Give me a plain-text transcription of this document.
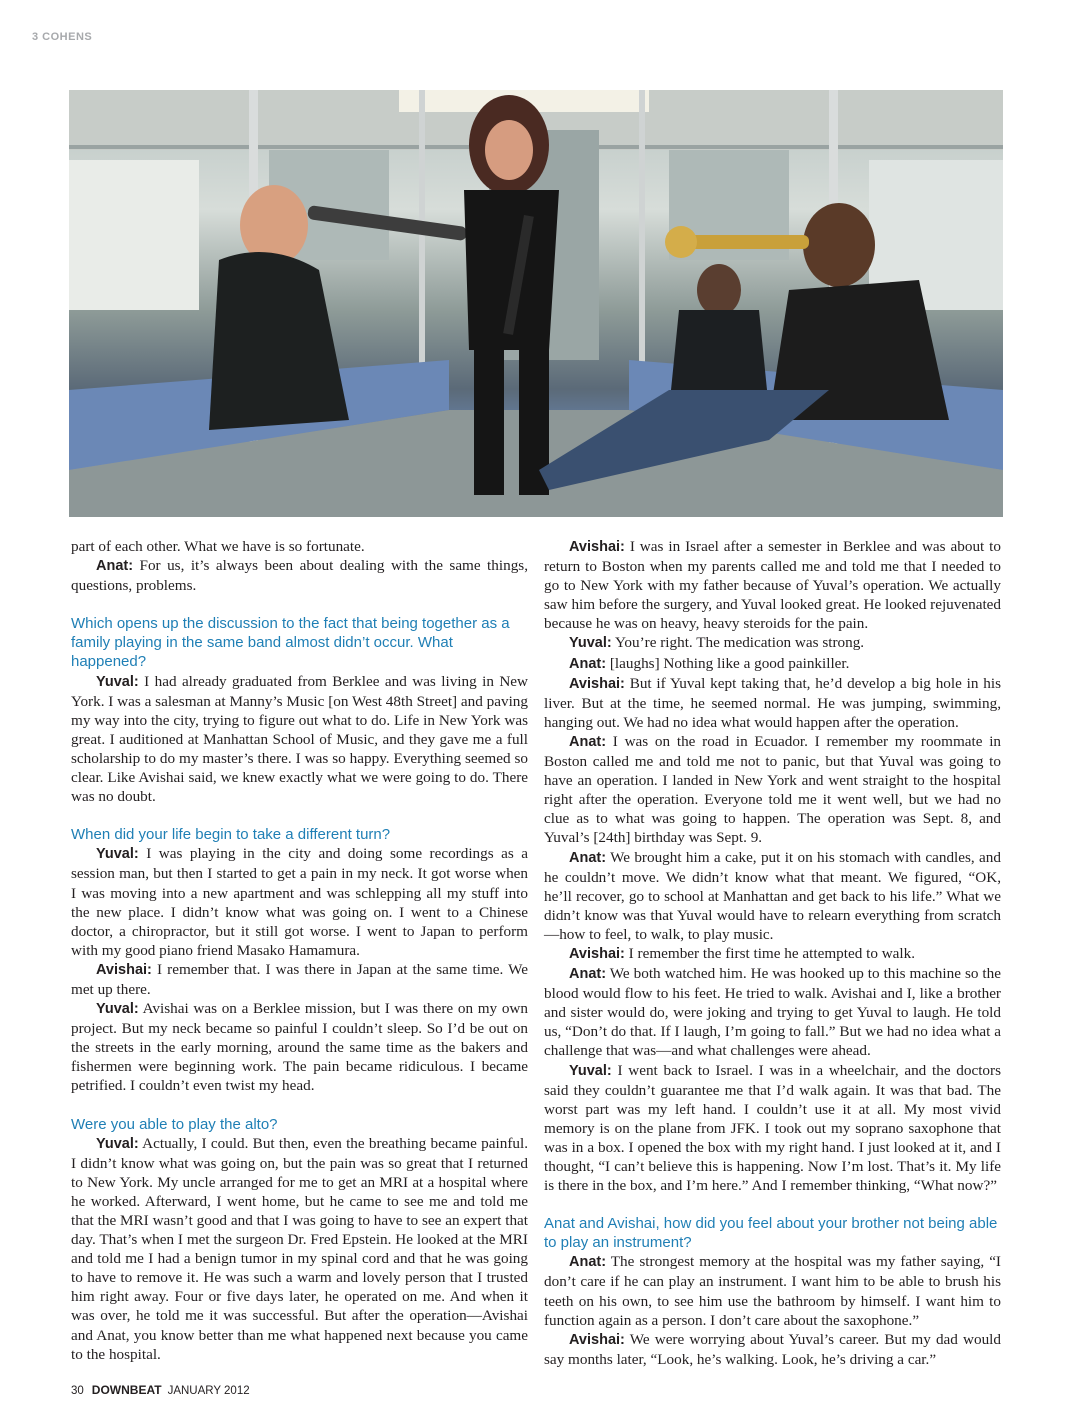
3 COHENS

part of each other. What we have is so fortunate.

Anat: For us, it’s always been about dealing with the same things, questions, problems.

Which opens up the discussion to the fact that being together as a family playing in the same band almost didn’t occur. What happened?

Yuval: I had already graduated from Berklee and was living in New York. I was a salesman at Manny’s Music [on West 48th Street] and paving my way into the city, trying to figure out what to do. Life in New York was great. I auditioned at Manhattan School of Music, and they gave me a full scholarship to do my master’s there. I was so happy. Everything seemed so clear. Like Avishai said, we knew exactly what we were going to do. There was no doubt.

When did your life begin to take a different turn?

Yuval: I was playing in the city and doing some recordings as a session man, but then I started to get a pain in my neck. It got worse when I was moving into a new apartment and was schlepping all my stuff into the new place. I didn’t know what was going on. I went to a Chinese doctor, a chiropractor, but it still got worse. I went to Japan to perform with my good piano friend Masako Hamamura.

Avishai: I remember that. I was there in Japan at the same time. We met up there.

Yuval: Avishai was on a Berklee mission, but I was there on my own project. But my neck became so painful I couldn’t sleep. So I’d be out on the streets in the early morning, around the same time as the bakers and fishermen were beginning work. The pain became ridiculous. I became petrified. I couldn’t even twist my head.

Were you able to play the alto?

Yuval: Actually, I could. But then, even the breathing became painful. I didn’t know what was going on, but the pain was so great that I returned to New York. My uncle arranged for me to get an MRI at a hospital where he worked. Afterward, I went home, but he came to see me and told me that the MRI wasn’t good and that I was going to have to see an expert that day. That’s when I met the surgeon Dr. Fred Epstein. He looked at the MRI and told me I had a benign tumor in my spinal cord and that he was going to have to remove it. He was such a warm and lovely person that I trusted him right away. Four or five days later, he operated on me. And when it was over, he told me it was successful. But after the operation—Avishai and Anat, you know better than me what happened next because you came to the hospital.

Avishai: I was in Israel after a semester in Berklee and was about to return to Boston when my parents called me and told me that I needed to go to New York with my father because of Yuval’s operation. We actually saw him before the surgery, and Yuval looked great. He looked rejuvenated because he was on heavy, heavy steroids for the pain.

Yuval: You’re right. The medication was strong.

Anat: [laughs] Nothing like a good painkiller.

Avishai: But if Yuval kept taking that, he’d develop a big hole in his liver. But at the time, he seemed normal. He was jumping, swimming, hanging out. We had no idea what would happen after the operation.

Anat: I was on the road in Ecuador. I remember my roommate in Boston called me and told me not to panic, but that Yuval was going to have an operation. I landed in New York and went straight to the hospital right after the operation. Everyone told me it went well, but we had no clue as to what was going to happen. The operation was Sept. 8, and Yuval’s [24th] birthday was Sept. 9.

Anat: We brought him a cake, put it on his stomach with candles, and he couldn’t move. We didn’t know what that meant. We figured, “OK, he’ll recover, go to school at Manhattan and get back to his life.” What we didn’t know was that Yuval would have to relearn everything from scratch—how to feel, to walk, to play music.

Avishai: I remember the first time he attempted to walk.

Anat: We both watched him. He was hooked up to this machine so the blood would flow to his feet. He tried to walk. Avishai and I, like a brother and sister would do, were joking and trying to get Yuval to laugh. He told us, “Don’t do that. If I laugh, I’m going to fall.” But we had no idea what a challenge that was—and what challenges were ahead.

Yuval: I went back to Israel. I was in a wheelchair, and the doctors said they couldn’t guarantee me that I’d walk again. It was that bad. The worst part was my left hand. I couldn’t use it at all. My most vivid memory is on the plane from JFK. I took out my soprano saxophone that was in a box. I opened the box with my right hand. I just looked at it, and I thought, “I can’t believe this is happening. Now I’m lost. That’s it. My life is there in the box, and I’m here.” And I remember thinking, “What now?”

Anat and Avishai, how did you feel about your brother not being able to play an instrument?

Anat: The strongest memory at the hospital was my father saying, “I don’t care if he can play an instrument. I want him to be able to brush his teeth on his own, to see him use the bathroom by himself. I want him to function again as a person. I don’t care about the saxophone.”

Avishai: We were worrying about Yuval’s career. But my dad would say months later, “Look, he’s walking. Look, he’s driving a car.”

30 DOWNBEAT JANUARY 2012
